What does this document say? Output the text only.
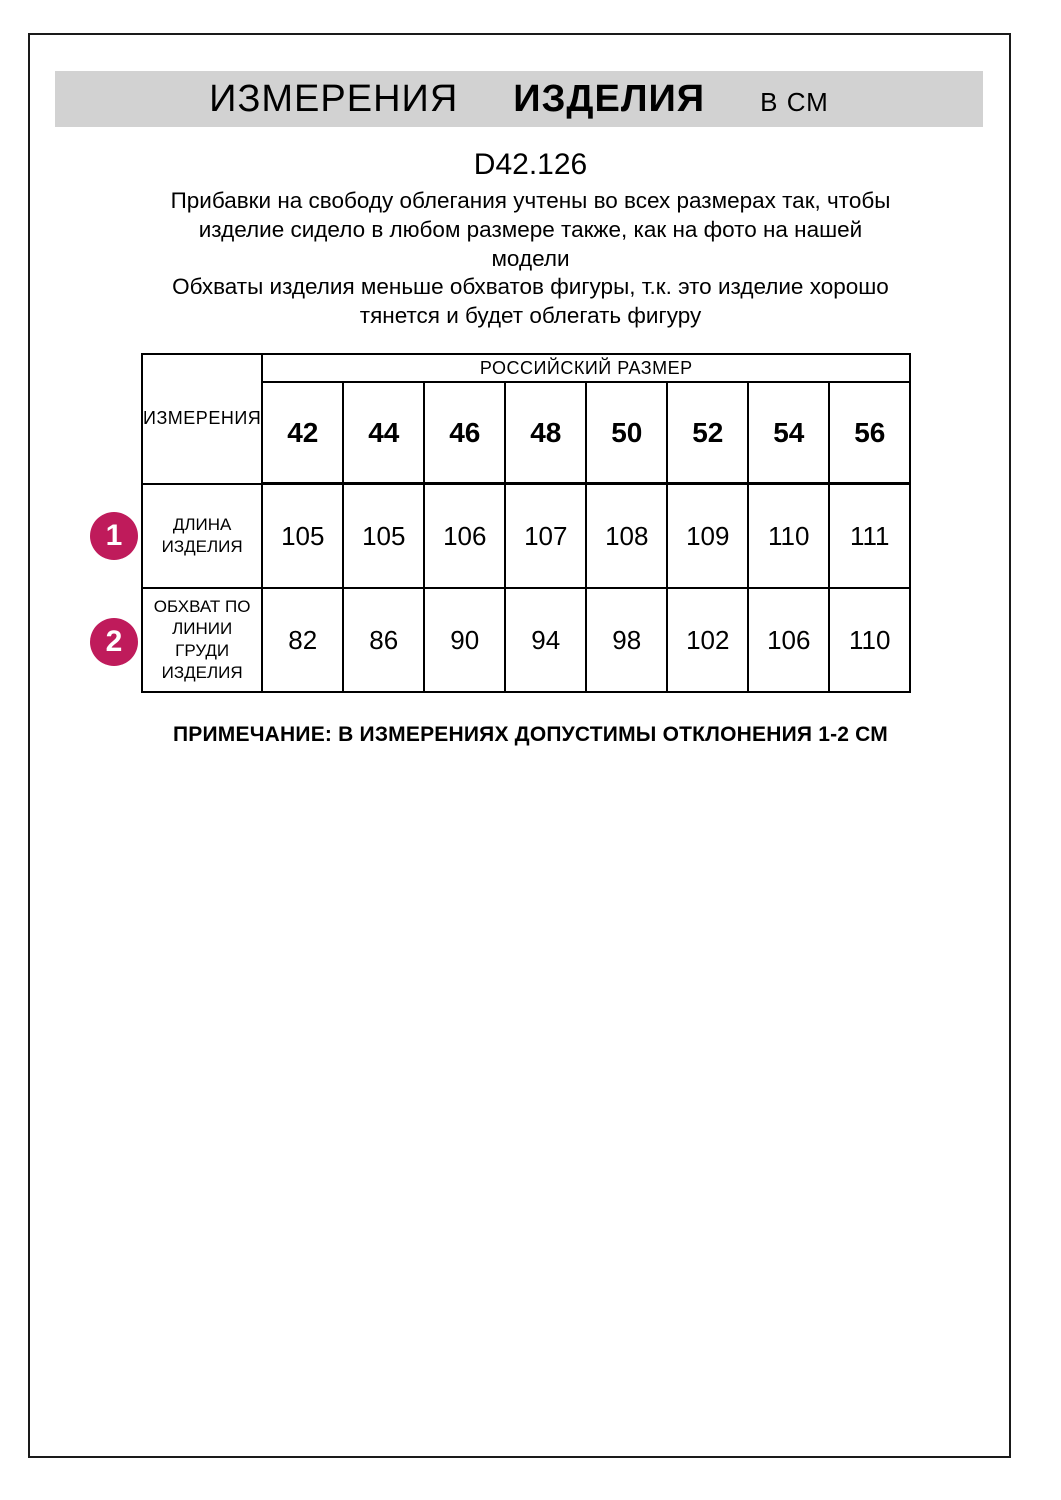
ИЗМЕРЕНИЯ ИЗДЕЛИЯ В СМ
D42.126
Прибавки на свободу облегания учтены во всех размерах так, чтобы
изделие сидело в любом размере также, как на фото на нашей
модели
Обхваты изделия меньше обхватов фигуры, т.к. это изделие хорошо
тянется и будет облегать фигуру
ИЗМЕРЕНИЯ	РОССИЙСКИЙ РАЗМЕР							
	42	44	46	48	50	52	54	56

ДЛИНА
ИЗДЕЛИЯ	105	105	106	107	108	109	110	111

ОБХВАТ ПО
ЛИНИИ ГРУДИ
ИЗДЕЛИЯ	82	86	90	94	98	102	106	110
1
2
ПРИМЕЧАНИЕ: В ИЗМЕРЕНИЯХ ДОПУСТИМЫ ОТКЛОНЕНИЯ 1-2 СМ
